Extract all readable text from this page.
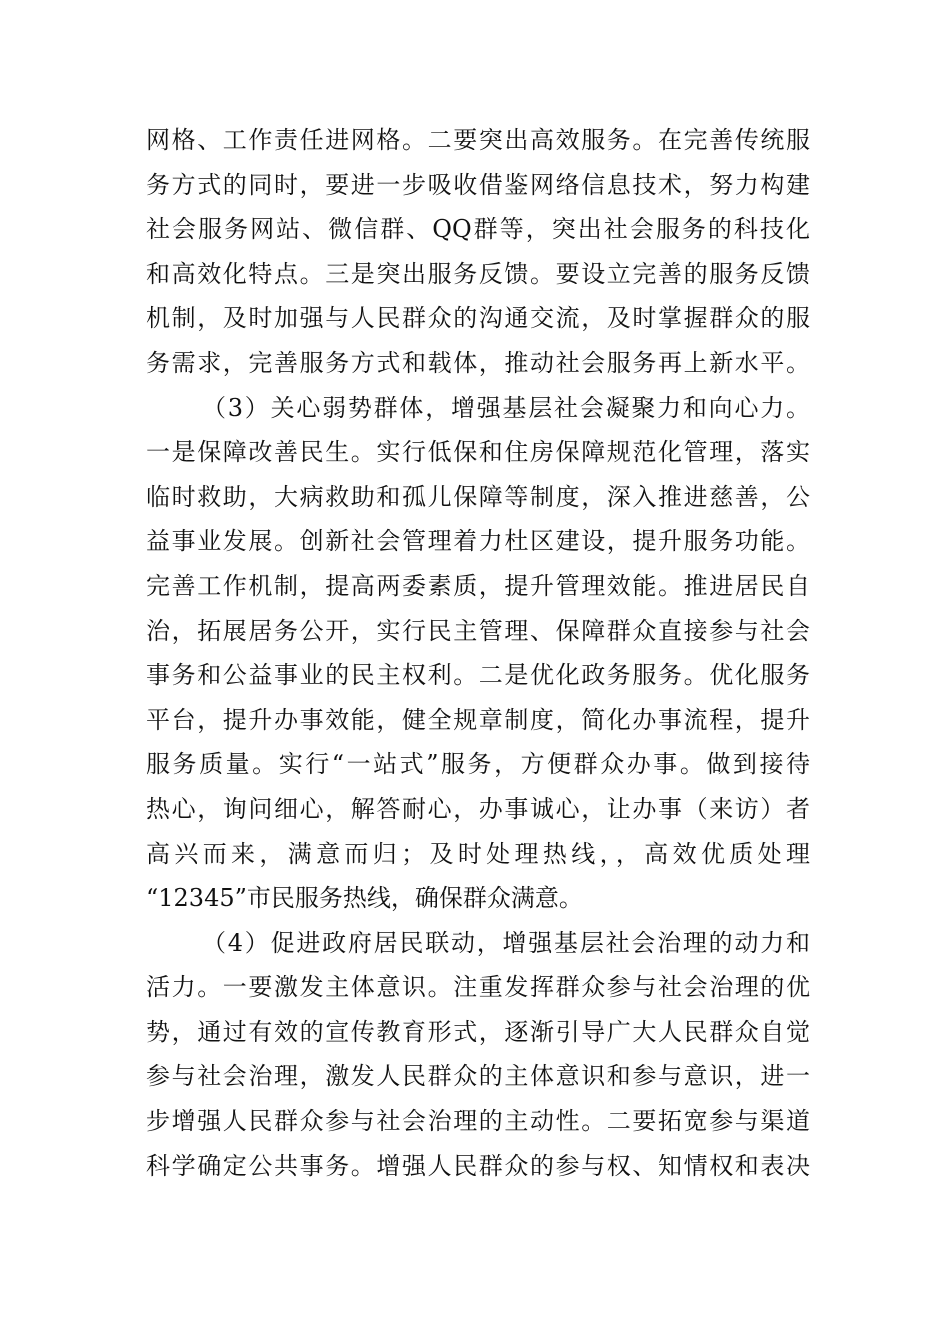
网格、工作责任进网格。二要突出高效服务。在完善传统服
务方式的同时，要进一步吸收借鉴网络信息技术，努力构建
社会服务网站、微信群、QQ群等，突出社会服务的科技化
和高效化特点。三是突出服务反馈。要设立完善的服务反馈
机制，及时加强与人民群众的沟通交流，及时掌握群众的服
务需求，完善服务方式和载体，推动社会服务再上新水平。
（3）关心弱势群体，增强基层社会凝聚力和向心力。
一是保障改善民生。实行低保和住房保障规范化管理，落实
临时救助，大病救助和孤儿保障等制度，深入推进慈善，公
益事业发展。创新社会管理着力杜区建设，提升服务功能。
完善工作机制，提高两委素质，提升管理效能。推进居民自
治，拓展居务公开，实行民主管理、保障群众直接参与社会
事务和公益事业的民主权利。二是优化政务服务。优化服务
平台，提升办事效能，健全规章制度，简化办事流程，提升
服务质量。实行“一站式”服务，方便群众办事。做到接待
热心，询问细心，解答耐心，办事诚心，让办事（来访）者
高兴而来，满意而归；及时处理热线，，高效优质处理
“12345”市民服务热线，确保群众满意。
（4）促进政府居民联动，增强基层社会治理的动力和
活力。一要激发主体意识。注重发挥群众参与社会治理的优
势，通过有效的宣传教育形式，逐渐引导广大人民群众自觉
参与社会治理，激发人民群众的主体意识和参与意识，进一
步增强人民群众参与社会治理的主动性。二要拓宽参与渠道
科学确定公共事务。增强人民群众的参与权、知情权和表决
